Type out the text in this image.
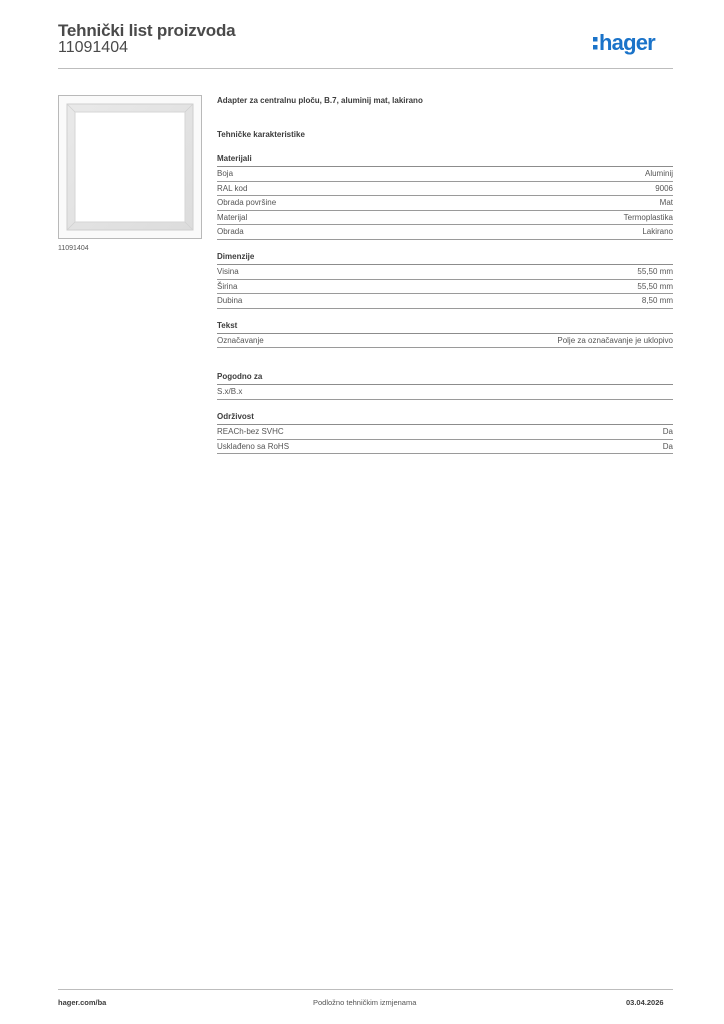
Tehnički list proizvoda
11091404	hager
11091404
Adapter za centralnu ploču, B.7, aluminij mat, lakirano
Tehničke karakteristike
Materijali
Boja	Aluminij
RAL kod	9006
Obrada površine	Mat
Materijal	Termoplastika
Obrada	Lakirano
Dimenzije
Visina	55,50 mm
Širina	55,50 mm
Dubina	8,50 mm
Tekst
Označavanje	Polje za označavanje je uklopivo
Pogodno za
S.x/B.x
Održivost
REACh-bez SVHC	Da
Usklađeno sa RoHS	Da
hager.com/ba	Podložno tehničkim izmjenama	03.04.2026
